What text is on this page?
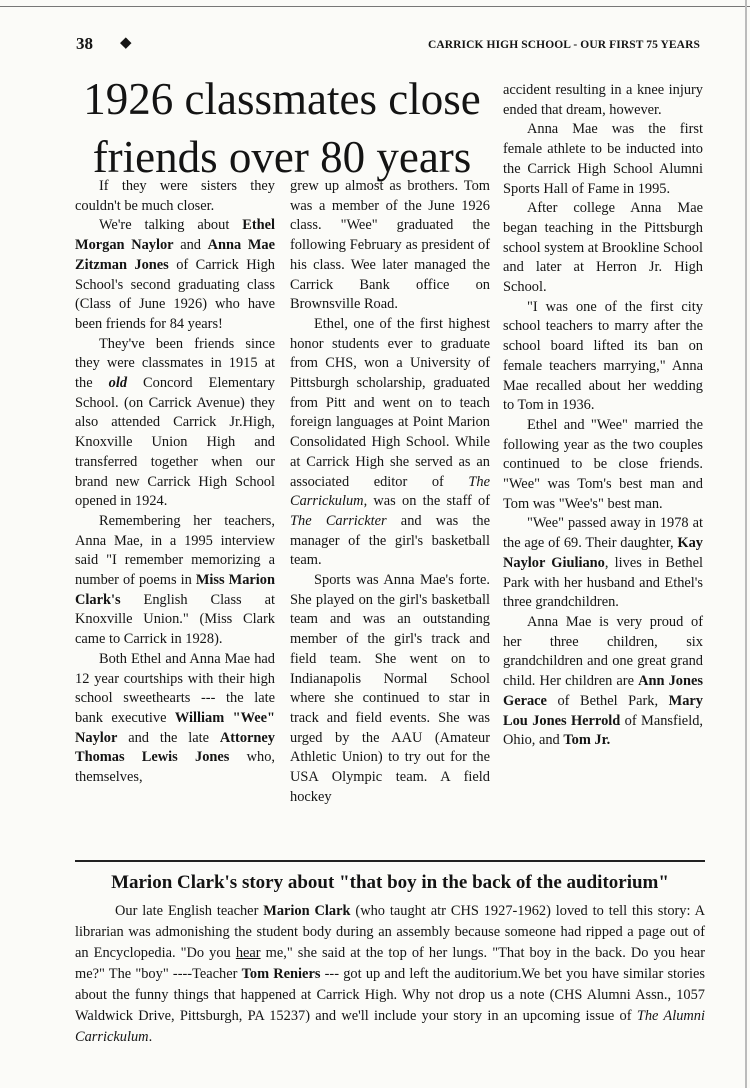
38 ◆	CARRICK HIGH SCHOOL - OUR FIRST 75 YEARS
1926 classmates close friends over 80 years

If they were sisters they couldn't be much closer.

We're talking about Ethel Morgan Naylor and Anna Mae Zitzman Jones of Carrick High School's second graduating class (Class of June 1926) who have been friends for 84 years!

They've been friends since they were classmates in 1915 at the old Concord Elementary School. (on Carrick Avenue) they also attended Carrick Jr.High, Knoxville Union High and transferred together when our brand new Carrick High School opened in 1924.

Remembering her teachers, Anna Mae, in a 1995 interview said "I remember memorizing a number of poems in Miss Marion Clark's English Class at Knoxville Union." (Miss Clark came to Carrick in 1928).

Both Ethel and Anna Mae had 12 year courtships with their high school sweethearts --- the late bank executive William "Wee" Naylor and the late Attorney Thomas Lewis Jones who, themselves,

grew up almost as brothers. Tom was a member of the June 1926 class. "Wee" graduated the following February as president of his class. Wee later managed the Carrick Bank office on Brownsville Road.

Ethel, one of the first highest honor students ever to graduate from CHS, won a University of Pittsburgh scholarship, graduated from Pitt and went on to teach foreign languages at Point Marion Consolidated High School. While at Carrick High she served as an associated editor of The Carrickulum, was on the staff of The Carrickter and was the manager of the girl's basketball team.

Sports was Anna Mae's forte. She played on the girl's basketball team and was an outstanding member of the girl's track and field team. She went on to Indianapolis Normal School where she continued to star in track and field events. She was urged by the AAU (Amateur Athletic Union) to try out for the USA Olympic team. A field hockey

accident resulting in a knee injury ended that dream, however.

Anna Mae was the first female athlete to be inducted into the Carrick High School Alumni Sports Hall of Fame in 1995.

After college Anna Mae began teaching in the Pittsburgh school system at Brookline School and later at Herron Jr. High School.

"I was one of the first city school teachers to marry after the school board lifted its ban on female teachers marrying," Anna Mae recalled about her wedding to Tom in 1936.

Ethel and "Wee" married the following year as the two couples continued to be close friends. "Wee" was Tom's best man and Tom was "Wee's" best man.

"Wee" passed away in 1978 at the age of 69. Their daughter, Kay Naylor Giuliano, lives in Bethel Park with her husband and Ethel's three grandchildren.

Anna Mae is very proud of her three children, six grandchildren and one great grand child. Her children are Ann Jones Gerace of Bethel Park, Mary Lou Jones Herrold of Mansfield, Ohio, and Tom Jr.

Marion Clark's story about "that boy in the back of the auditorium"

Our late English teacher Marion Clark (who taught atr CHS 1927-1962) loved to tell this story: A librarian was admonishing the student body during an assembly because someone had ripped a page out of an Encyclopedia. "Do you hear me," she said at the top of her lungs. "That boy in the back. Do you hear me?" The "boy" ----Teacher Tom Reniers --- got up and left the auditorium.We bet you have similar stories about the funny things that happened at Carrick High. Why not drop us a note (CHS Alumni Assn., 1057 Waldwick Drive, Pittsburgh, PA 15237) and we'll include your story in an upcoming issue of The Alumni Carrickulum.
